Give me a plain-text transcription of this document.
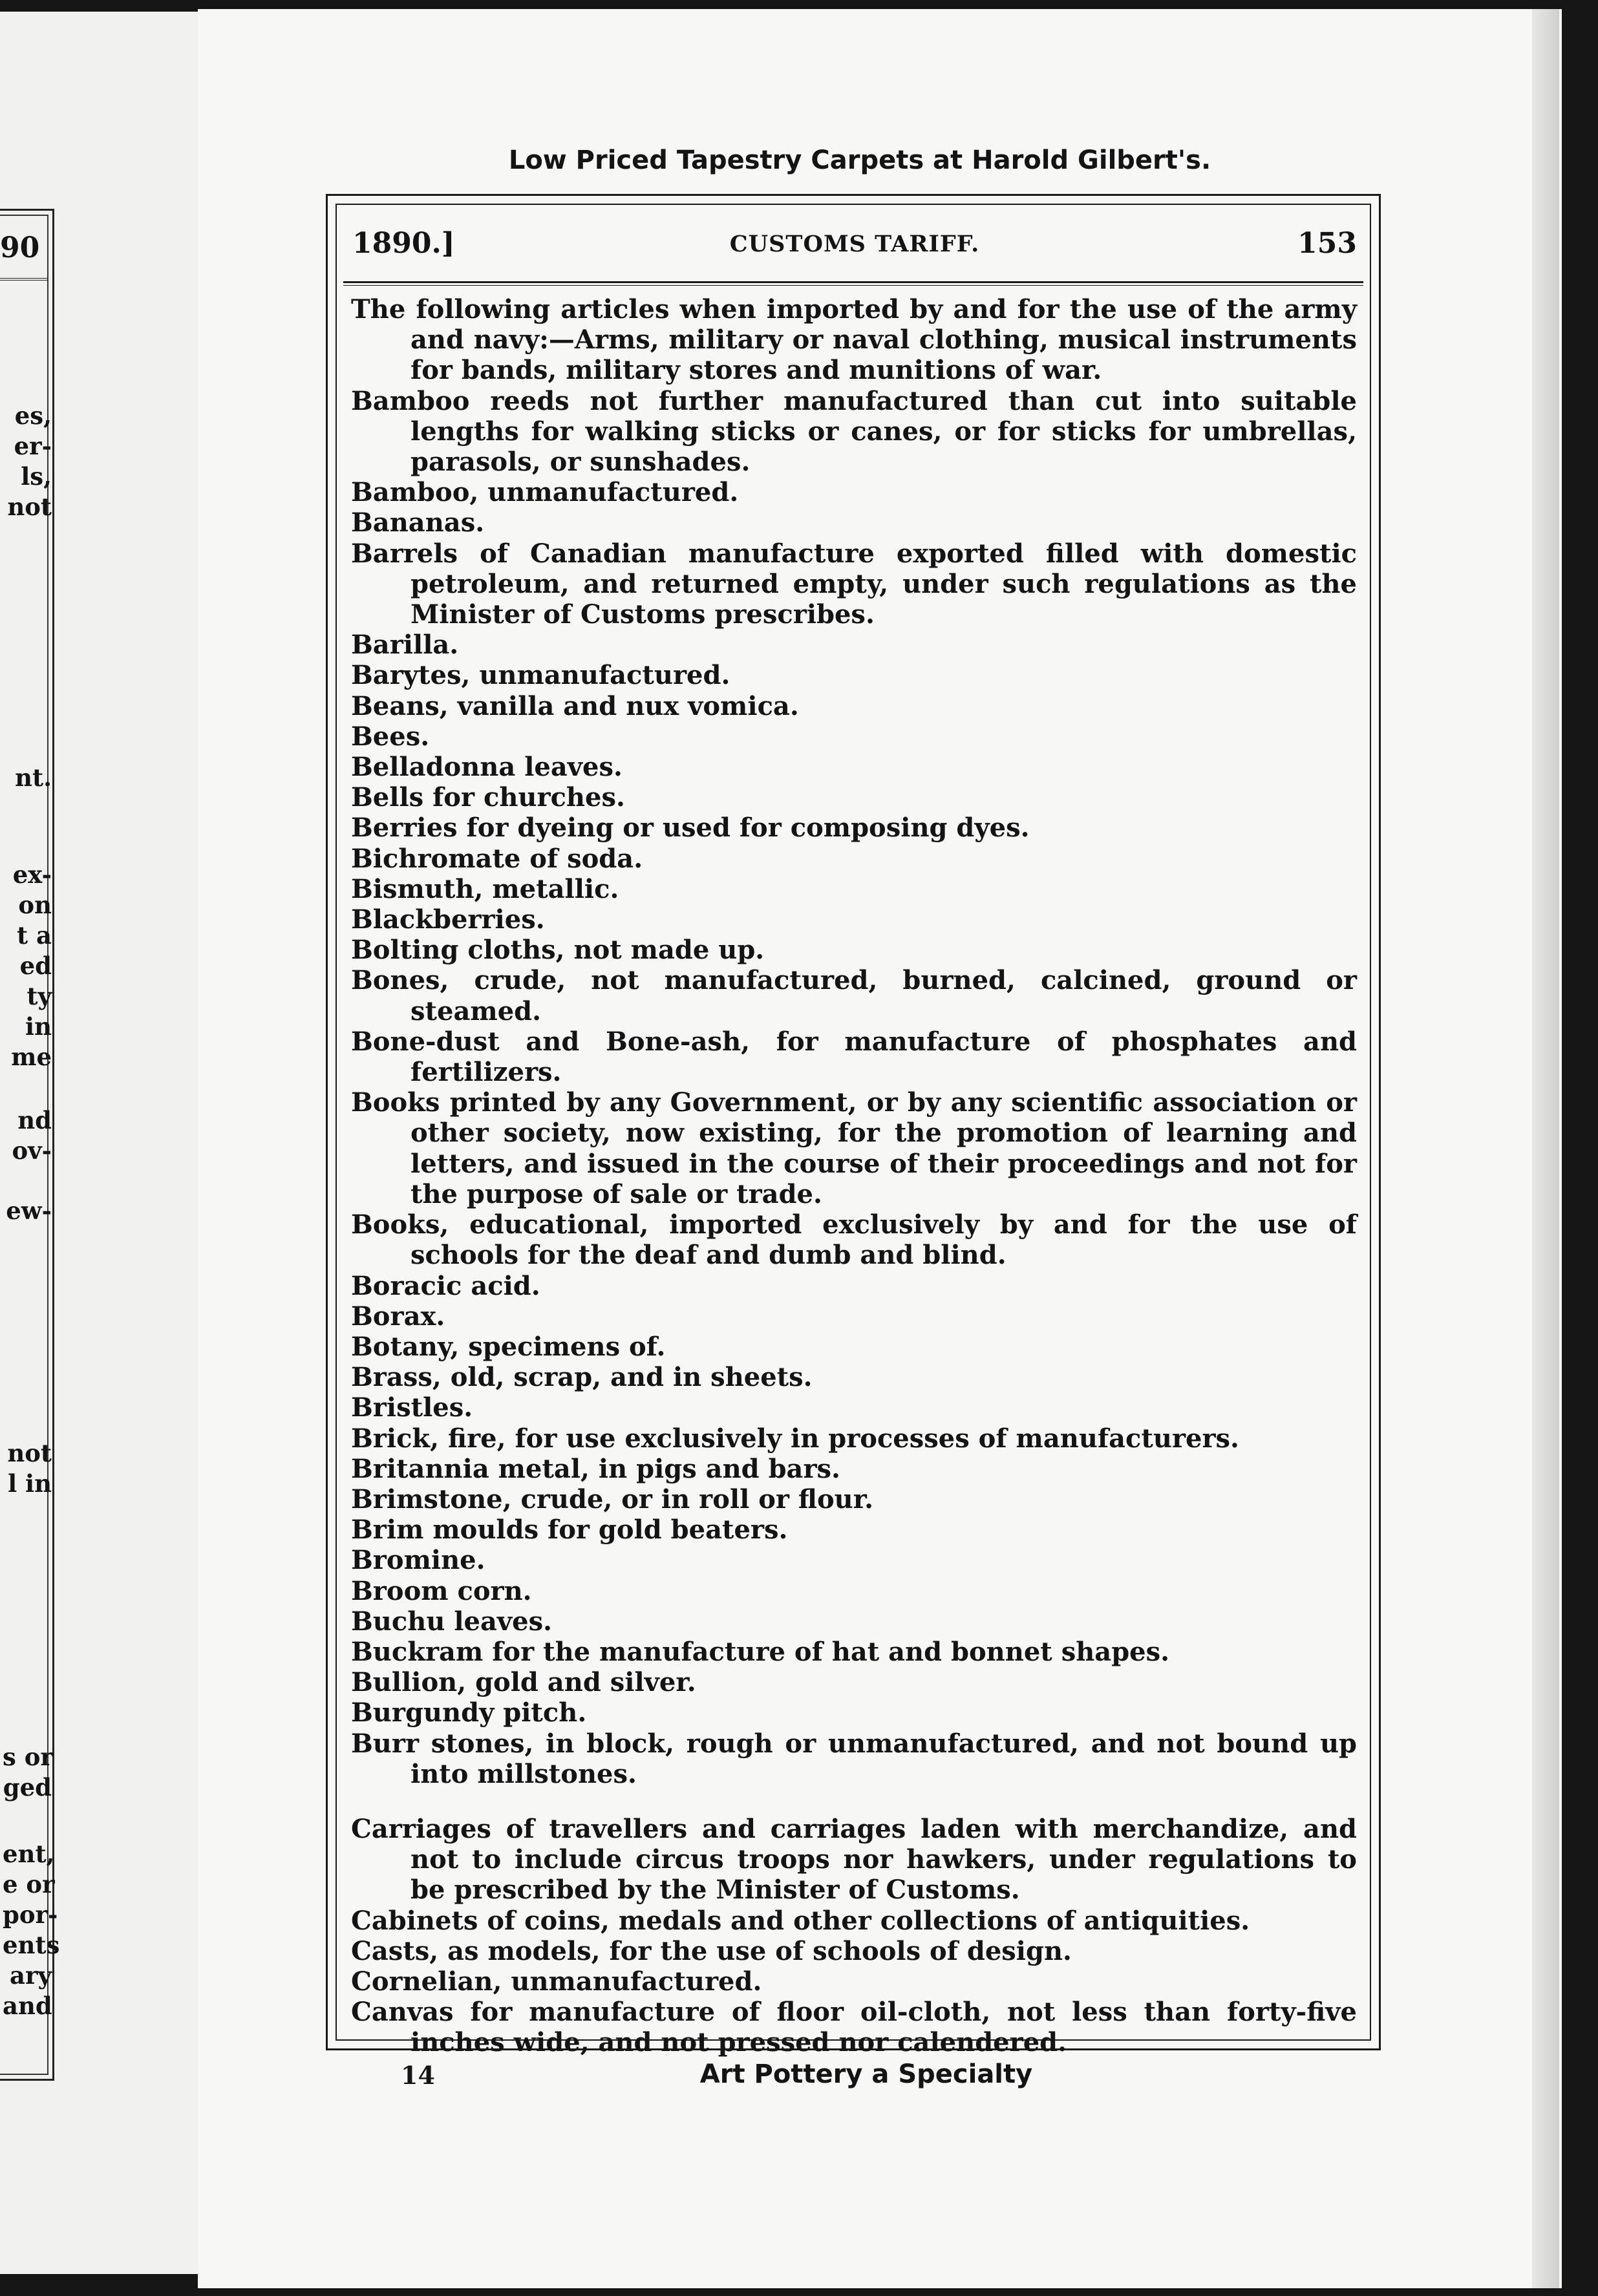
90
es,
er-
ls,
not
nt.
ex-
on
t a
ed
ty
in
me
nd
ov-
ew-
not
l in
s or
ged
ent,
e or
por-
ents
ary
and
Low Priced Tapestry Carpets at Harold Gilbert's.
1890.]	CUSTOMS TARIFF.	153
The following articles when imported by and for the use of the army and navy:—Arms, military or naval clothing, musical instruments for bands, military stores and munitions of war.
Bamboo reeds not further manufactured than cut into suitable lengths for walking sticks or canes, or for sticks for umbrellas, parasols, or sunshades.
Bamboo, unmanufactured.
Bananas.
Barrels of Canadian manufacture exported filled with domestic petroleum, and returned empty, under such regulations as the Minister of Customs prescribes.
Barilla.
Barytes, unmanufactured.
Beans, vanilla and nux vomica.
Bees.
Belladonna leaves.
Bells for churches.
Berries for dyeing or used for composing dyes.
Bichromate of soda.
Bismuth, metallic.
Blackberries.
Bolting cloths, not made up.
Bones, crude, not manufactured, burned, calcined, ground or steamed.
Bone-dust and Bone-ash, for manufacture of phosphates and fertilizers.
Books printed by any Government, or by any scientific association or other society, now existing, for the promotion of learning and letters, and issued in the course of their proceedings and not for the purpose of sale or trade.
Books, educational, imported exclusively by and for the use of schools for the deaf and dumb and blind.
Boracic acid.
Borax.
Botany, specimens of.
Brass, old, scrap, and in sheets.
Bristles.
Brick, fire, for use exclusively in processes of manufacturers.
Britannia metal, in pigs and bars.
Brimstone, crude, or in roll or flour.
Brim moulds for gold beaters.
Bromine.
Broom corn.
Buchu leaves.
Buckram for the manufacture of hat and bonnet shapes.
Bullion, gold and silver.
Burgundy pitch.
Burr stones, in block, rough or unmanufactured, and not bound up into millstones.
Carriages of travellers and carriages laden with merchandize, and not to include circus troops nor hawkers, under regulations to be prescribed by the Minister of Customs.
Cabinets of coins, medals and other collections of antiquities.
Casts, as models, for the use of schools of design.
Cornelian, unmanufactured.
Canvas for manufacture of floor oil-cloth, not less than forty-five inches wide, and not pressed nor calendered.
14	Art Pottery a Specialty
